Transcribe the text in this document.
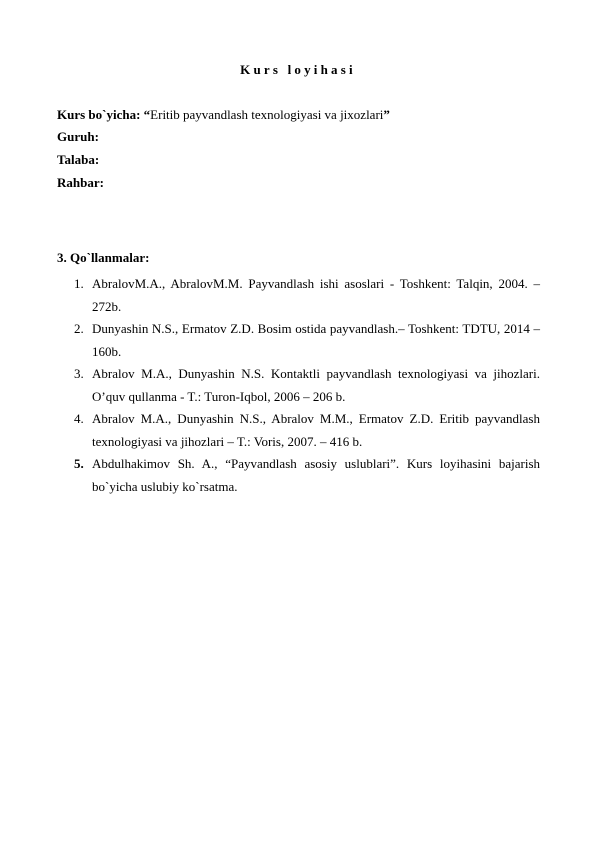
Kurs loyihasi
Kurs bo`yicha: “Eritib payvandlash texnologiyasi va jixozlari”
Guruh:
Talaba:
Rahbar:
3. Qo`llanmalar:
1. AbralovM.A., AbralovM.M. Payvandlash ishi asoslari - Toshkent: Talqin, 2004. – 272b.
2. Dunyashin N.S., Ermatov Z.D. Bosim ostida payvandlash.– Toshkent: TDTU, 2014 – 160b.
3. Abralov M.A., Dunyashin N.S. Kontaktli payvandlash texnologiyasi va jihozlari. O’quv qullanma - T.: Turon-Iqbol, 2006 – 206 b.
4. Abralov M.A., Dunyashin N.S., Abralov M.M., Ermatov Z.D. Eritib payvandlash texnologiyasi va jihozlari – T.: Voris, 2007. – 416 b.
5. Abdulhakimov Sh. A., “Payvandlash asosiy uslublari”. Kurs loyihasini bajarish bo`yicha uslubiy ko`rsatma.
